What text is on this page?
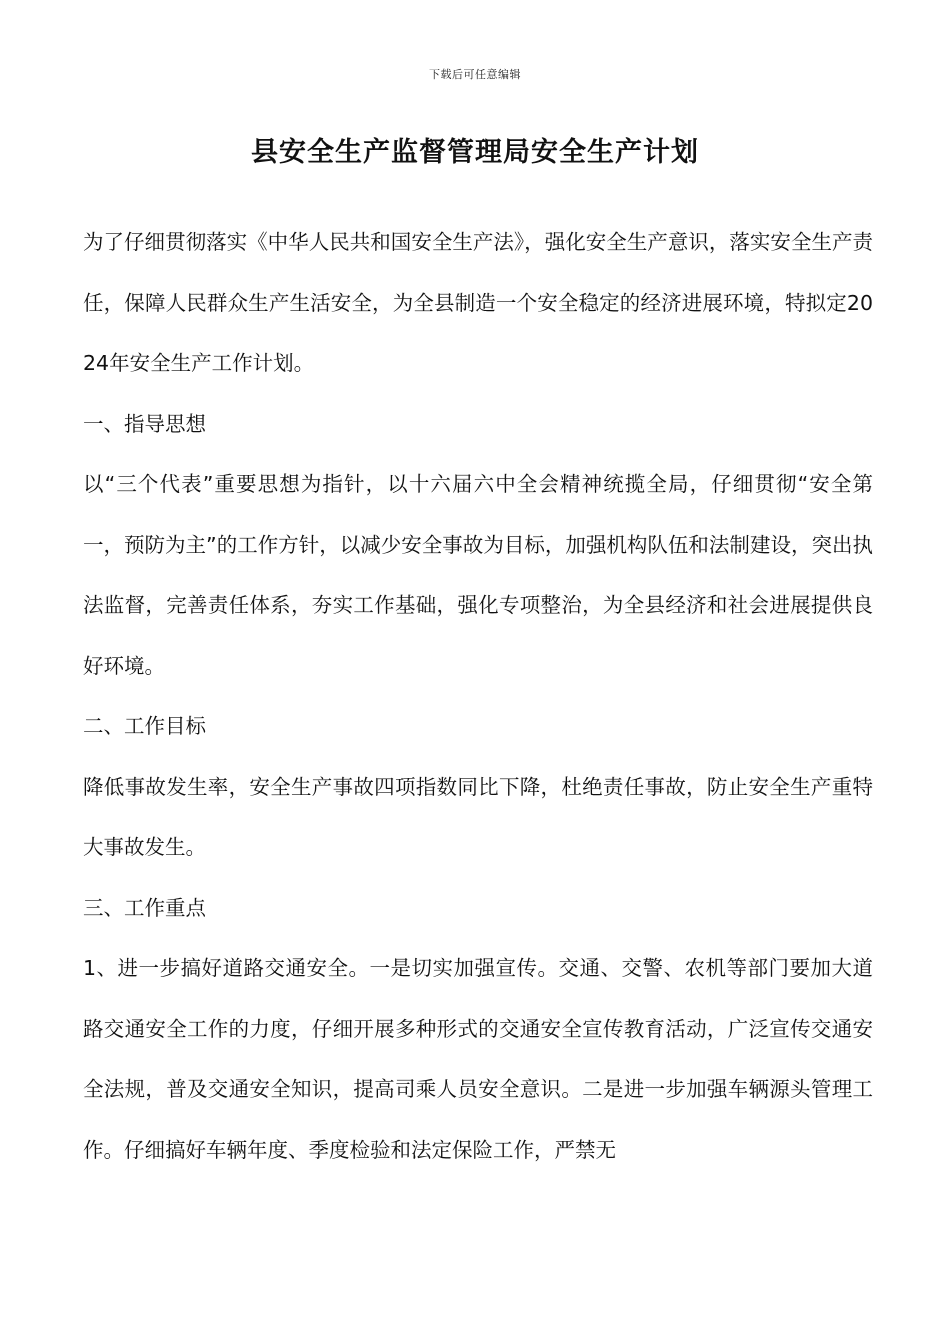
下载后可任意编辑
县安全生产监督管理局安全生产计划

为了仔细贯彻落实《中华人民共和国安全生产法》，强化安全生产意识，落实安全生产责任，保障人民群众生产生活安全，为全县制造一个安全稳定的经济进展环境，特拟定2024年安全生产工作计划。

一、指导思想

以“三个代表”重要思想为指针，以十六届六中全会精神统揽全局，仔细贯彻“安全第一，预防为主”的工作方针，以减少安全事故为目标，加强机构队伍和法制建设，突出执法监督，完善责任体系，夯实工作基础，强化专项整治，为全县经济和社会进展提供良好环境。

二、工作目标

降低事故发生率，安全生产事故四项指数同比下降，杜绝责任事故，防止安全生产重特大事故发生。

三、工作重点

1、进一步搞好道路交通安全。一是切实加强宣传。交通、交警、农机等部门要加大道路交通安全工作的力度，仔细开展多种形式的交通安全宣传教育活动，广泛宣传交通安全法规，普及交通安全知识，提高司乘人员安全意识。二是进一步加强车辆源头管理工作。仔细搞好车辆年度、季度检验和法定保险工作，严禁无
